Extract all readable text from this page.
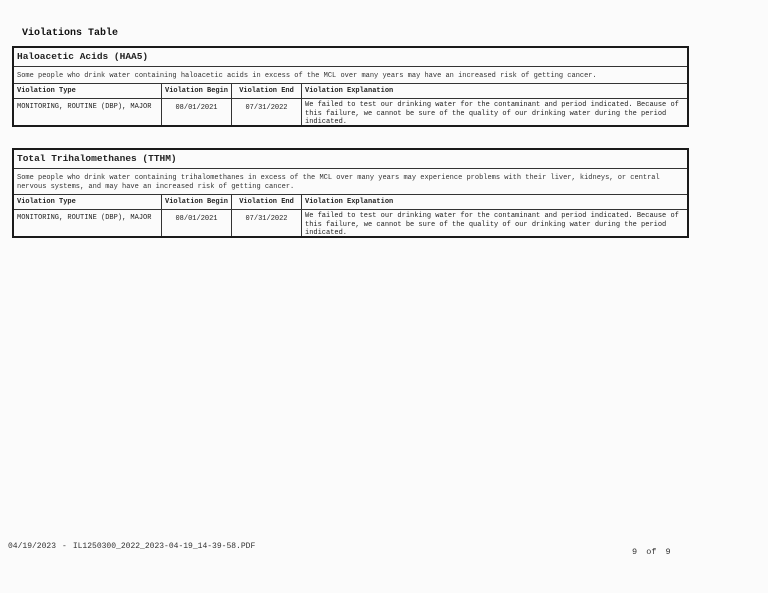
Violations Table
Haloacetic Acids (HAA5)
Some people who drink water containing haloacetic acids in excess of the MCL over many years may have an increased risk of getting cancer.
Violation Type	Violation Begin	Violation End	Violation Explanation
MONITORING, ROUTINE (DBP), MAJOR	08/01/2021	07/31/2022	We failed to test our drinking water for the contaminant and period indicated. Because of this failure, we cannot be sure of the quality of our drinking water during the period indicated.
Total Trihalomethanes (TTHM)
Some people who drink water containing trihalomethanes in excess of the MCL over many years may experience problems with their liver, kidneys, or central nervous systems, and may have an increased risk of getting cancer.
Violation Type	Violation Begin	Violation End	Violation Explanation
MONITORING, ROUTINE (DBP), MAJOR	08/01/2021	07/31/2022	We failed to test our drinking water for the contaminant and period indicated. Because of this failure, we cannot be sure of the quality of our drinking water during the period indicated.
04/19/2023 - IL1250300_2022_2023-04-19_14-39-58.PDF
9 of 9
